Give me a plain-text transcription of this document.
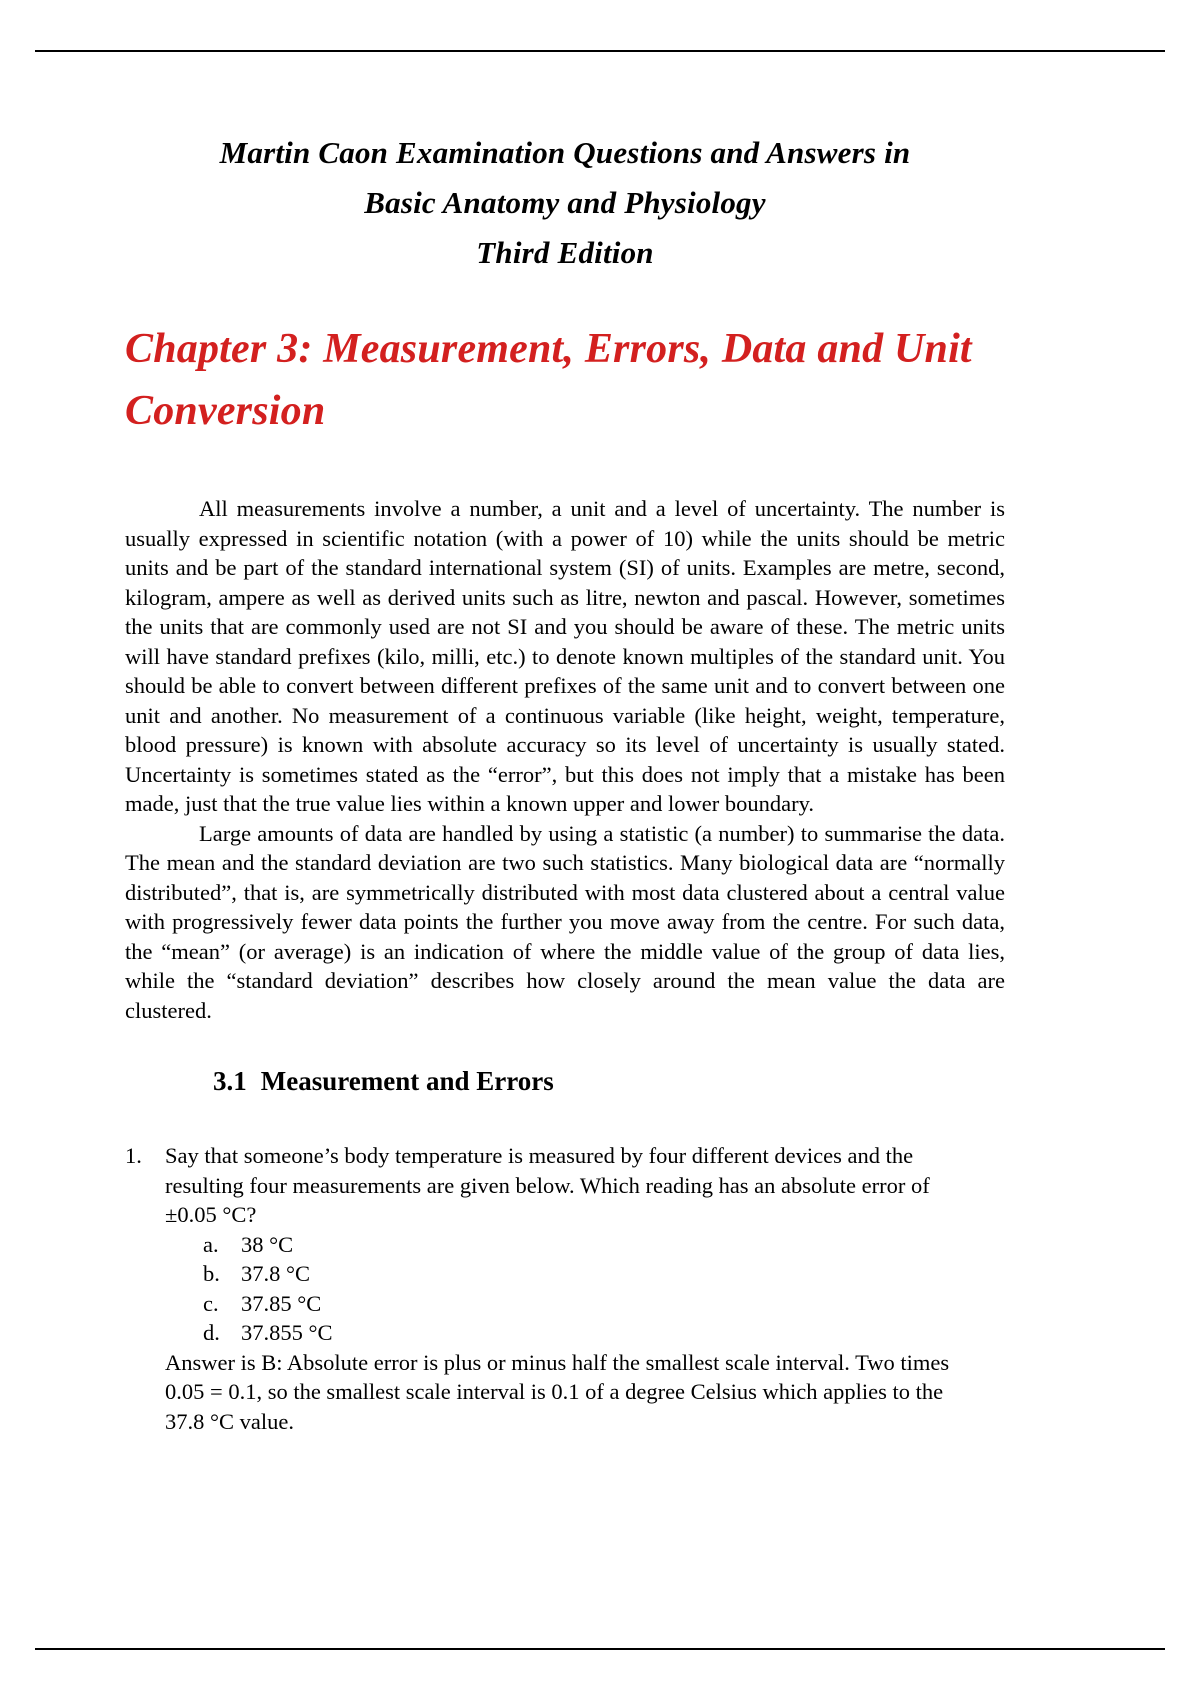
Martin Caon Examination Questions and Answers in
Basic Anatomy and Physiology
Third Edition
Chapter 3: Measurement, Errors, Data and Unit Conversion

All measurements involve a number, a unit and a level of uncertainty. The number is usually expressed in scientific notation (with a power of 10) while the units should be metric units and be part of the standard international system (SI) of units. Examples are metre, second, kilogram, ampere as well as derived units such as litre, newton and pascal. However, sometimes the units that are commonly used are not SI and you should be aware of these. The metric units will have standard prefixes (kilo, milli, etc.) to denote known multiples of the standard unit. You should be able to convert between different prefixes of the same unit and to convert between one unit and another. No measurement of a continuous variable (like height, weight, temperature, blood pressure) is known with absolute accuracy so its level of uncertainty is usually stated. Uncertainty is sometimes stated as the “error”, but this does not imply that a mistake has been made, just that the true value lies within a known upper and lower boundary.

Large amounts of data are handled by using a statistic (a number) to summarise the data. The mean and the standard deviation are two such statistics. Many biological data are “normally distributed”, that is, are symmetrically distributed with most data clustered about a central value with progressively fewer data points the further you move away from the centre. For such data, the “mean” (or average) is an indication of where the middle value of the group of data lies, while the “standard deviation” describes how closely around the mean value the data are clustered.

3.1 Measurement and Errors
1.	Say that someone’s body temperature is measured by four different devices and the resulting four measurements are given below. Which reading has an absolute error of ±0.05 °C?
a. 38 °C
b. 37.8 °C
c. 37.85 °C
d. 37.855 °C

Answer is B: Absolute error is plus or minus half the smallest scale interval. Two times 0.05 = 0.1, so the smallest scale interval is 0.1 of a degree Celsius which applies to the 37.8 °C value.
